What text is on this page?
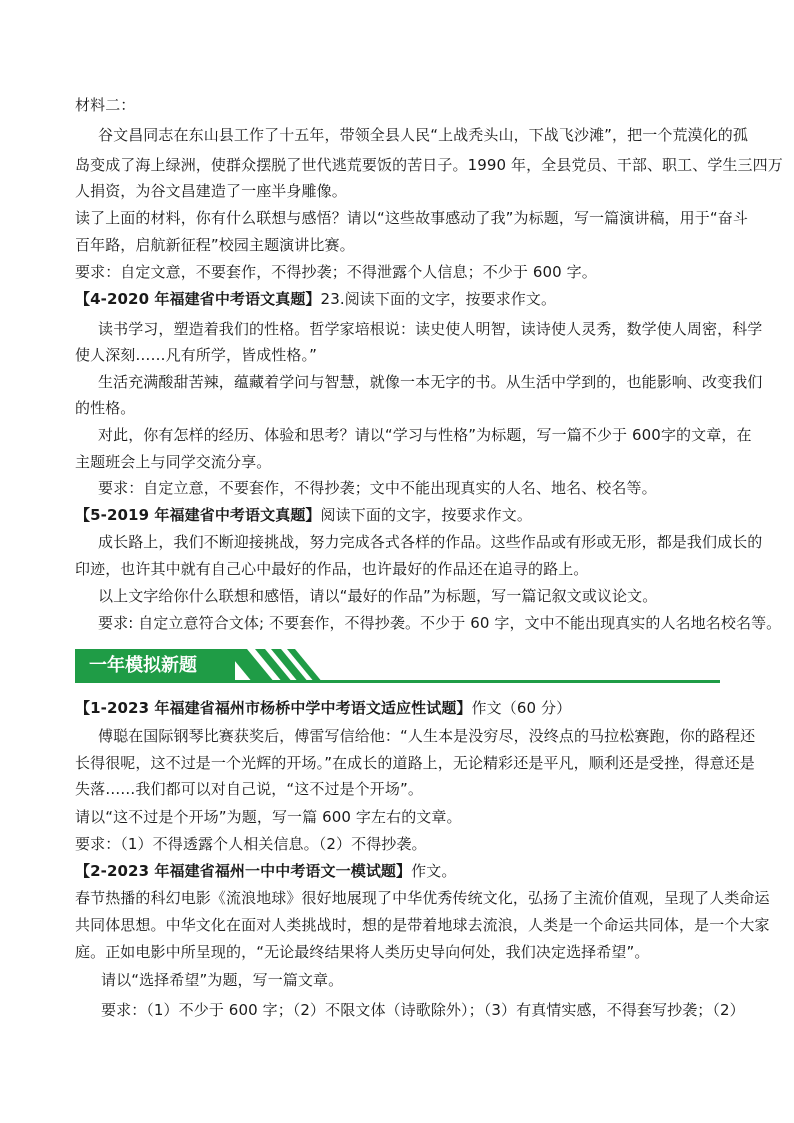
材料二：
谷文昌同志在东山县工作了十五年，带领全县人民“上战秃头山，下战飞沙滩”，把一个荒漠化的孤
岛变成了海上绿洲，使群众摆脱了世代逃荒要饭的苦日子。1990 年，全县党员、干部、职工、学生三四万
人捐资，为谷文昌建造了一座半身雕像。
读了上面的材料，你有什么联想与感悟？请以“这些故事感动了我”为标题，写一篇演讲稿，用于“奋斗
百年路，启航新征程”校园主题演讲比赛。
要求：自定文意，不要套作，不得抄袭；不得泄露个人信息；不少于 600 字。
【4-2020 年福建省中考语文真题】23.阅读下面的文字，按要求作文。
读书学习，塑造着我们的性格。哲学家培根说：读史使人明智，读诗使人灵秀，数学使人周密，科学
使人深刻……凡有所学，皆成性格。”
生活充满酸甜苦辣，蕴藏着学问与智慧，就像一本无字的书。从生活中学到的，也能影响、改变我们
的性格。
对此，你有怎样的经历、体验和思考？请以“学习与性格”为标题，写一篇不少于 600字的文章，在
主题班会上与同学交流分享。
要求：自定立意，不要套作，不得抄袭；文中不能出现真实的人名、地名、校名等。
【5-2019 年福建省中考语文真题】阅读下面的文字，按要求作文。
成长路上，我们不断迎接挑战，努力完成各式各样的作品。这些作品或有形或无形，都是我们成长的
印迹，也许其中就有自己心中最好的作品，也许最好的作品还在追寻的路上。
以上文字给你什么联想和感悟，请以“最好的作品”为标题，写一篇记叙文或议论文。
要求: 自定立意符合文体; 不要套作，不得抄袭。不少于 60 字，文中不能出现真实的人名地名校名等。
一年模拟新题
【1-2023 年福建省福州市杨桥中学中考语文适应性试题】作文（60 分）
傅聪在国际钢琴比赛获奖后，傅雷写信给他：“人生本是没穷尽，没终点的马拉松赛跑，你的路程还
长得很呢，这不过是一个光辉的开场。”在成长的道路上，无论精彩还是平凡，顺利还是受挫，得意还是
失落……我们都可以对自己说，“这不过是个开场”。
请以“这不过是个开场”为题，写一篇 600 字左右的文章。
要求：（1）不得透露个人相关信息。（2）不得抄袭。
【2-2023 年福建省福州一中中考语文一模试题】作文。
春节热播的科幻电影《流浪地球》很好地展现了中华优秀传统文化，弘扬了主流价值观，呈现了人类命运
共同体思想。中华文化在面对人类挑战时，想的是带着地球去流浪，人类是一个命运共同体，是一个大家
庭。正如电影中所呈现的，“无论最终结果将人类历史导向何处，我们决定选择希望”。
请以“选择希望”为题，写一篇文章。
要求：（1）不少于 600 字；（2）不限文体（诗歌除外）；（3）有真情实感，不得套写抄袭；（2）
